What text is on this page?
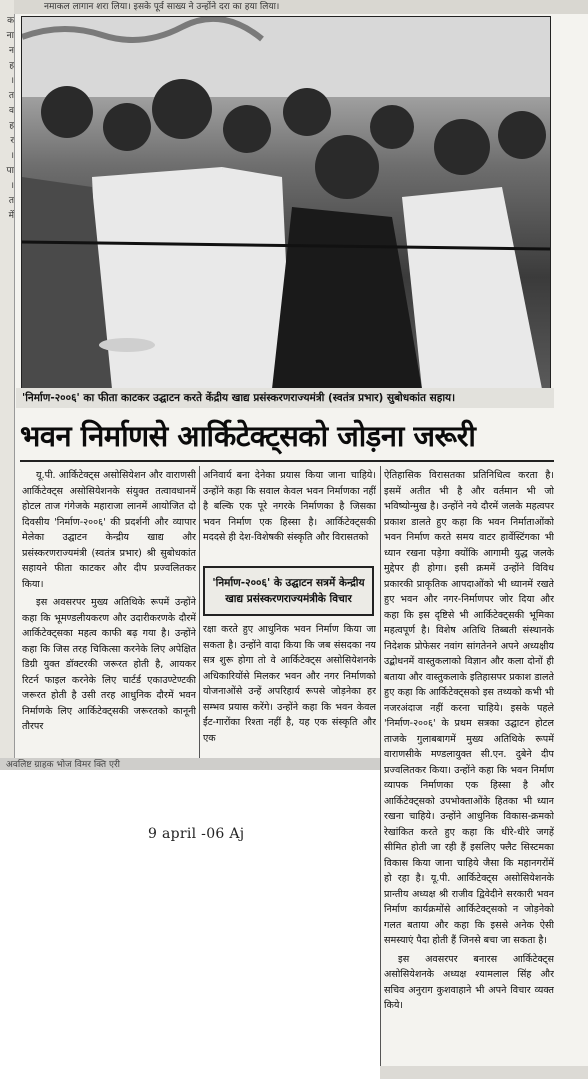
क
ना
न
ह
।
त
व
ह
र
।
पा
।
त
में
नमाकल लागान शरा लिया। इसके पूर्व साख्य ने उन्होंने दरा का हया लिया।
'निर्माण-२००६' का फीता काटकर उद्घाटन करते केंद्रीय खाद्य प्रसंस्करणराज्यमंत्री (स्वतंत्र प्रभार) सुबोधकांत सहाय।
भवन निर्माणसे आर्किटेक्ट्सको जोड़ना जरूरी

यू.पी. आर्किटेक्ट्स असोसियेशन और वाराणसी आर्किटेक्ट्स असोसियेशनके संयुक्त तत्वावधानमें होटल ताज गंगेजके महाराजा लानमें आयोजित दो दिवसीय 'निर्माण-२००६' की प्रदर्शनी और व्यापार मेलेका उद्घाटन केन्द्रीय खाद्य और प्रसंस्करणराज्यमंत्री (स्वतंत्र प्रभार) श्री सुबोधकांत सहायने फीता काटकर और दीप प्रज्वलितकर किया।

इस अवसरपर मुख्य अतिथिके रूपमें उन्होंने कहा कि भूमण्डलीयकरण और उदारीकरणके दौरमें आर्किटेक्ट्सका महत्व काफी बढ़ गया है। उन्होंने कहा कि जिस तरह चिकित्सा करनेके लिए अपेक्षित डिग्री युक्त डॉक्टरकी जरूरत होती है, आयकर रिटर्न फाइल करनेके लिए चार्टर्ड एकाउण्टेण्टकी जरूरत होती है उसी तरह आधुनिक दौरमें भवन निर्माणके लिए आर्किटेक्ट्सकी जरूरतको कानूनी तौरपर

अनिवार्य बना देनेका प्रयास किया जाना चाहिये। उन्होंने कहा कि सवाल केवल भवन निर्माणका नहीं है बल्कि एक पूरे नगरके निर्माणका है जिसका भवन निर्माण एक हिस्सा है। आर्किटेक्ट्सकी मददसे ही देश-विशेषकी संस्कृति और विरासतको

'निर्माण-२००६' के उद्घाटन सत्रमें केन्द्रीय खाद्य प्रसंस्करणराज्यमंत्रीके विचार

रक्षा करते हुए आधुनिक भवन निर्माण किया जा सकता है। उन्होंने वादा किया कि जब संसदका नय सत्र शुरू होगा तो वे आर्किटेक्ट्स असोसियेशनके अधिकारियोंसे मिलकर भवन और नगर निर्माणको योजनाओंसे उन्हें अपरिहार्य रूपसे जोड़नेका हर सम्भव प्रयास करेंगे। उन्होंने कहा कि भवन केवल ईंट-गारोंका रिश्ता नहीं है, यह एक संस्कृति और एक

ऐतिहासिक विरासतका प्रतिनिधित्व करता है। इसमें अतीत भी है और वर्तमान भी जो भविष्योन्मुख है। उन्होंने नये दौरमें जलके महत्वपर प्रकाश डालते हुए कहा कि भवन निर्माताओंको भवन निर्माण करते समय वाटर हार्वेस्टिंगका भी ध्यान रखना पड़ेगा क्योंकि आगामी युद्ध जलके मुद्देपर ही होगा। इसी क्रममें उन्होंने विविध प्रकारकी प्राकृतिक आपदाओंको भी ध्यानमें रखते हुए भवन और नगर-निर्माणपर जोर दिया और कहा कि इस दृष्टिसे भी आर्किटेक्ट्सकी भूमिका महत्वपूर्ण है। विशेष अतिथि तिब्बती संस्थानके निदेशक प्रोफेसर नवांग सांगतेनने अपने अध्यक्षीय उद्बोधनमें वास्तुकलाको विज्ञान और कला दोनों ही बताया और वास्तुकलाके इतिहासपर प्रकाश डालते हुए कहा कि आर्किटेक्ट्सको इस तथ्यको कभी भी नजरअंदाज नहीं करना चाहिये। इसके पहले 'निर्माण-२००६' के प्रथम सत्रका उद्घाटन होटल ताजके गुलाबबागमें मुख्य अतिथिके रूपमें वाराणसीके मण्डलायुक्त सी.एन. दुबेने दीप प्रज्वलितकर किया। उन्होंने कहा कि भवन निर्माण व्यापक निर्माणका एक हिस्सा है और आर्किटेक्ट्सको उपभोक्ताओंके हितका भी ध्यान रखना चाहिये। उन्होंने आधुनिक विकास-क्रमको रेखांकित करते हुए कहा कि धीरे-धीरे जगहें सीमित होती जा रही हैं इसलिए फ्लैट सिस्टमका विकास किया जाना चाहिये जैसा कि महानगरोंमें हो रहा है। यू.पी. आर्किटेक्ट्स असोसियेशनके प्रान्तीय अध्यक्ष श्री राजीव द्विवेदीने सरकारी भवन निर्माण कार्यक्रमोंसे आर्किटेक्ट्सको न जोड़नेको गलत बताया और कहा कि इससे अनेक ऐसी समस्याएं पैदा होती हैं जिनसे बचा जा सकता है।

इस अवसरपर बनारस आर्किटेक्ट्स असोसियेशनके अध्यक्ष श्यामलाल सिंह और सचिव अनुराग कुशवाहाने भी अपने विचार व्यक्त किये।

अवलिष्ट ग्राहक भोज विमर क्ति एरी
9 april -06 Aj
